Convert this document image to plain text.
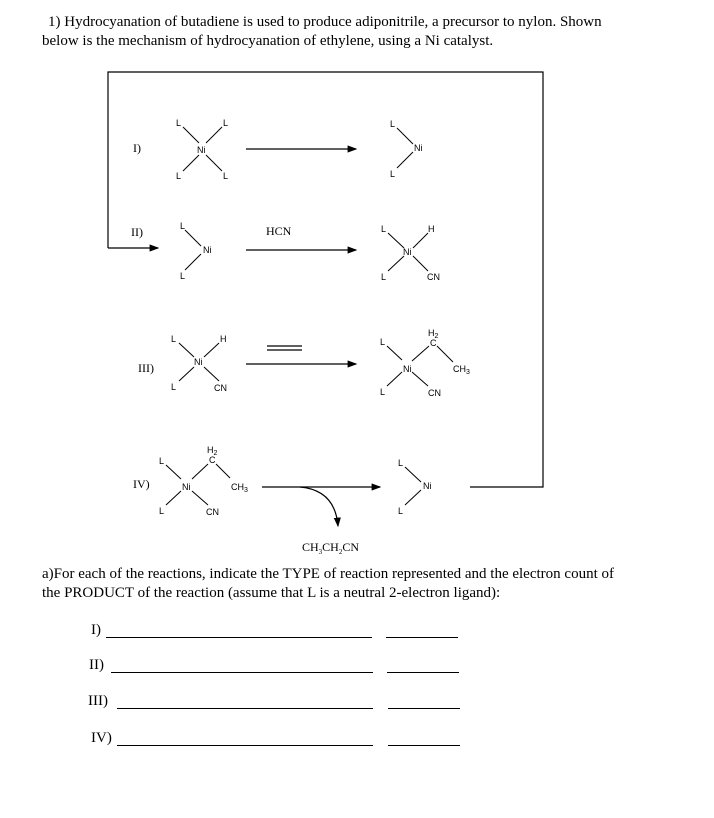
1) Hydrocyanation of butadiene is used to produce adiponitrile, a precursor to nylon. Shown
below is the mechanism of hydrocyanation of ethylene, using a Ni catalyst.
I)
II)
III)
IV)
Ni
L	L
L	L
L
Ni
L
L
Ni
L
HCN	L	H
Ni
L	CN
L	H
Ni
L	CN
L
$H_2$
C
$CH_3$
Ni
L	CN
L
$H_2$
C
$CH_3$
Ni
L	CN
L
Ni
L
$CH_3CH_2CN$
a)For each of the reactions, indicate the TYPE of reaction represented and the electron count of
the PRODUCT of the reaction (assume that L is a neutral 2-electron ligand):
I)
II)
III)
IV)
